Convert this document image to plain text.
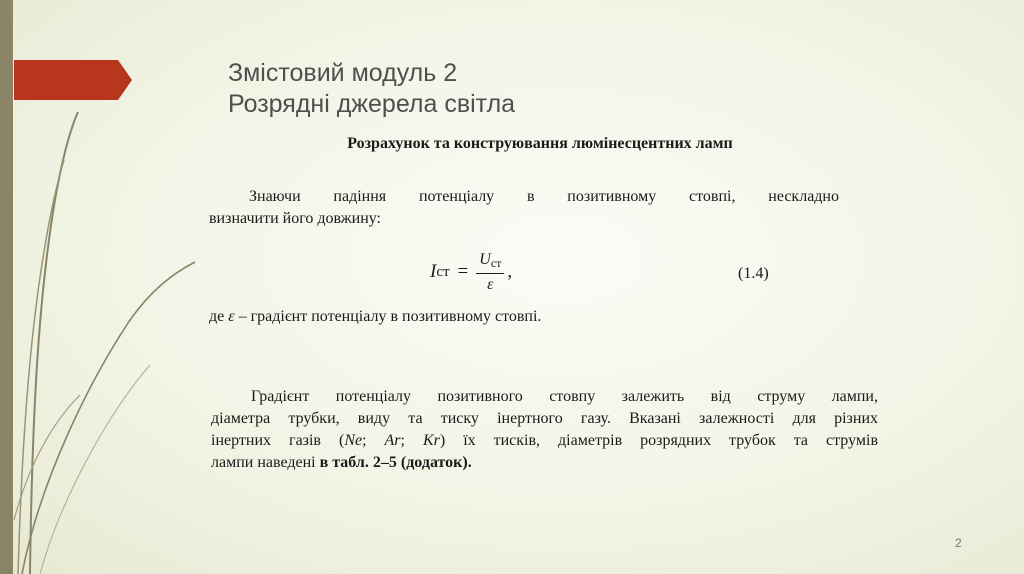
Змістовий модуль 2
Розрядні джерела світла
Розрахунок та конструювання люмінесцентних ламп
Знаючи падіння потенціалу в позитивному стовпі, нескладно
визначити його довжину:
I ст = $\frac{\text{Uст}}{\varepsilon}$ ,	(1.4)
де ε – градієнт потенціалу в позитивному стовпі.
Градієнт потенціалу позитивного стовпу залежить від струму лампи,
діаметра трубки, виду та тиску інертного газу. Вказані залежності для різних
інертних газів (Ne; Ar; Kr) їх тисків, діаметрів розрядних трубок та струмів
лампи наведені в табл. 2–5 (додаток).
2
